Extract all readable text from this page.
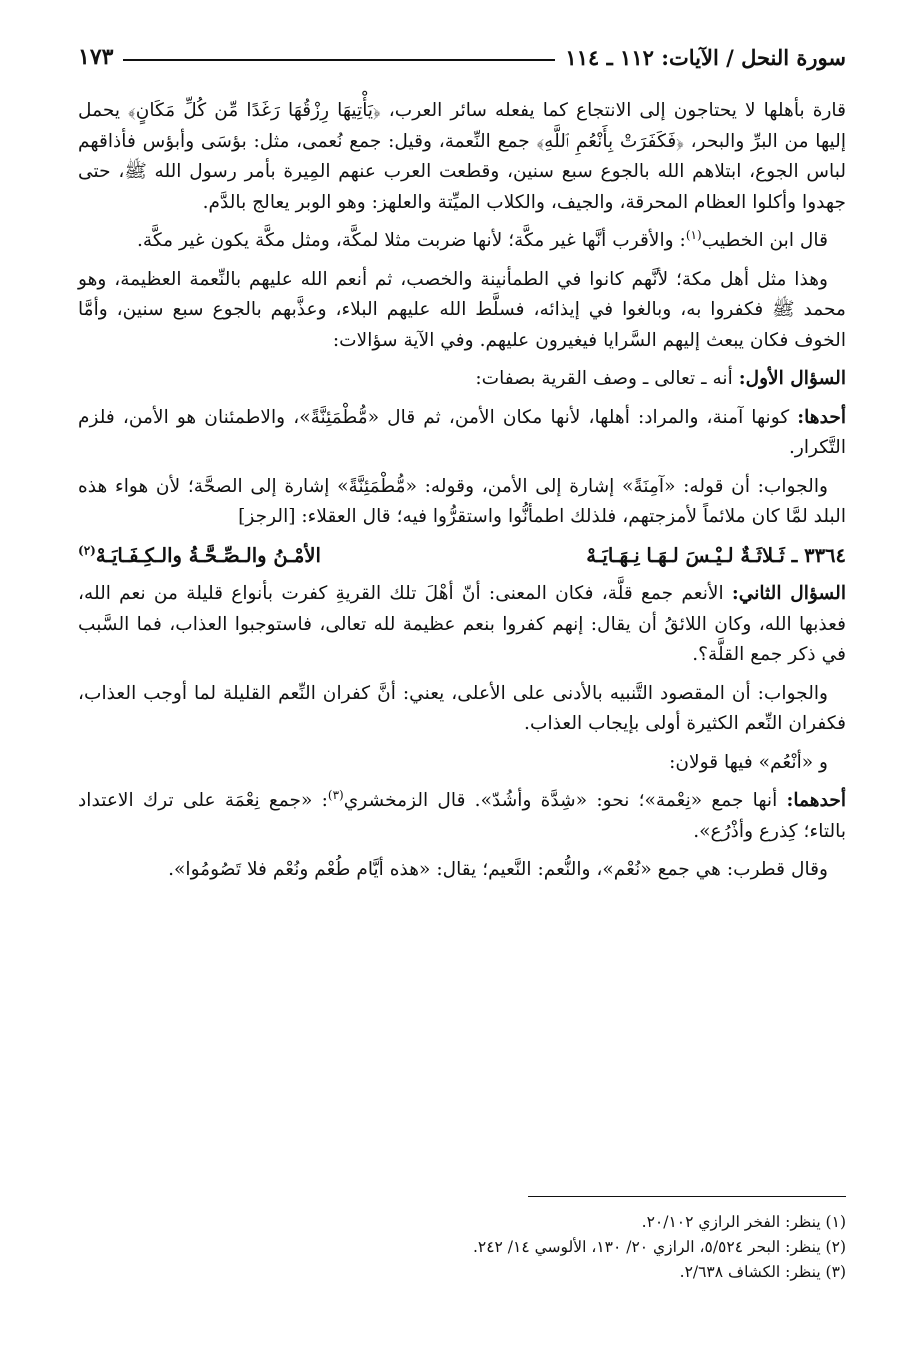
سورة النحل / الآيات: ١١٢ ـ ١١٤
١٧٣

قارة بأهلها لا يحتاجون إلى الانتجاع كما يفعله سائر العرب، ﴿يَأْتِيهَا رِزْقُهَا رَغَدًا مِّن كُلِّ مَكَانٍ﴾ يحمل إليها من البرِّ والبحر، ﴿فَكَفَرَتْ بِأَنْعُمِ ٱللَّهِ﴾ جمع النِّعمة، وقيل: جمع نُعمى، مثل: بؤسَى وأبؤس فأذاقهم لباس الجوع، ابتلاهم الله بالجوع سبع سنين، وقطعت العرب عنهم المِيرة بأمر رسول الله ﷺ، حتى جهدوا وأكلوا العظام المحرقة، والجيف، والكلاب الميِّتة والعلهز: وهو الوبر يعالج بالدَّم.

قال ابن الخطيب$^{(١)}$: والأقرب أنَّها غير مكَّة؛ لأنها ضربت مثلا لمكَّة، ومثل مكَّة يكون غير مكَّة.

وهذا مثل أهل مكة؛ لأنَّهم كانوا في الطمأنينة والخصب، ثم أنعم الله عليهم بالنِّعمة العظيمة، وهو محمد ﷺ فكفروا به، وبالغوا في إيذائه، فسلَّط الله عليهم البلاء، وعذَّبهم بالجوع سبع سنين، وأمَّا الخوف فكان يبعث إليهم السَّرايا فيغيرون عليهم. وفي الآية سؤالات:

السؤال الأول: أنه ـ تعالى ـ وصف القرية بصفات:

أحدها: كونها آمنة، والمراد: أهلها، لأنها مكان الأمن، ثم قال «مُّطْمَئِنَّةً»، والاطمئنان هو الأمن، فلزم التَّكرار.

والجواب: أن قوله: «آمِنَةً» إشارة إلى الأمن، وقوله: «مُّطْمَئِنَّةً» إشارة إلى الصحَّة؛ لأن هواء هذه البلد لمَّا كان ملائماً لأمزجتهم، فلذلك اطمأنُّوا واستقرُّوا فيه؛ قال العقلاء: [الرجز]

٣٣٦٤ ـ ثَـلاثَـةٌ لـيْـسَ لـهَـا نِـهَـايَـهْ
الأمْـنُ والـصِّـحَّـةُ والـكِـفَـايَـهْ$^{(٢)}$

السؤال الثاني: الأنعم جمع قلَّة، فكان المعنى: أنّ أهْلَ تلك القريةِ كفرت بأنواع قليلة من نعم الله، فعذبها الله، وكان اللائقُ أن يقال: إنهم كفروا بنعم عظيمة لله تعالى، فاستوجبوا العذاب، فما السَّبب في ذكر جمع القلَّة؟.

والجواب: أن المقصود التَّنبيه بالأدنى على الأعلى، يعني: أنَّ كفران النِّعم القليلة لما أوجب العذاب، فكفران النِّعم الكثيرة أولى بإيجاب العذاب.

و «أنْعُم» فيها قولان:

أحدهما: أنها جمع «نِعْمة»؛ نحو: «شِدَّة وأشُدّ». قال الزمخشري$^{(٣)}$: «جمع نِعْمَة على ترك الاعتداد بالتاء؛ كِذرع وأذْرُع».

وقال قطرب: هي جمع «نُعْم»، والنُّعم: النَّعيم؛ يقال: «هذه أيَّام طُعْم ونُعْم فلا تَصُومُوا».

(١) ينظر: الفخر الرازي ٢٠/١٠٢.

(٢) ينظر: البحر ٥/٥٢٤، الرازي ٢٠/ ١٣٠، الألوسي ١٤/ ٢٤٢.

(٣) ينظر: الكشاف ٢/٦٣٨.
